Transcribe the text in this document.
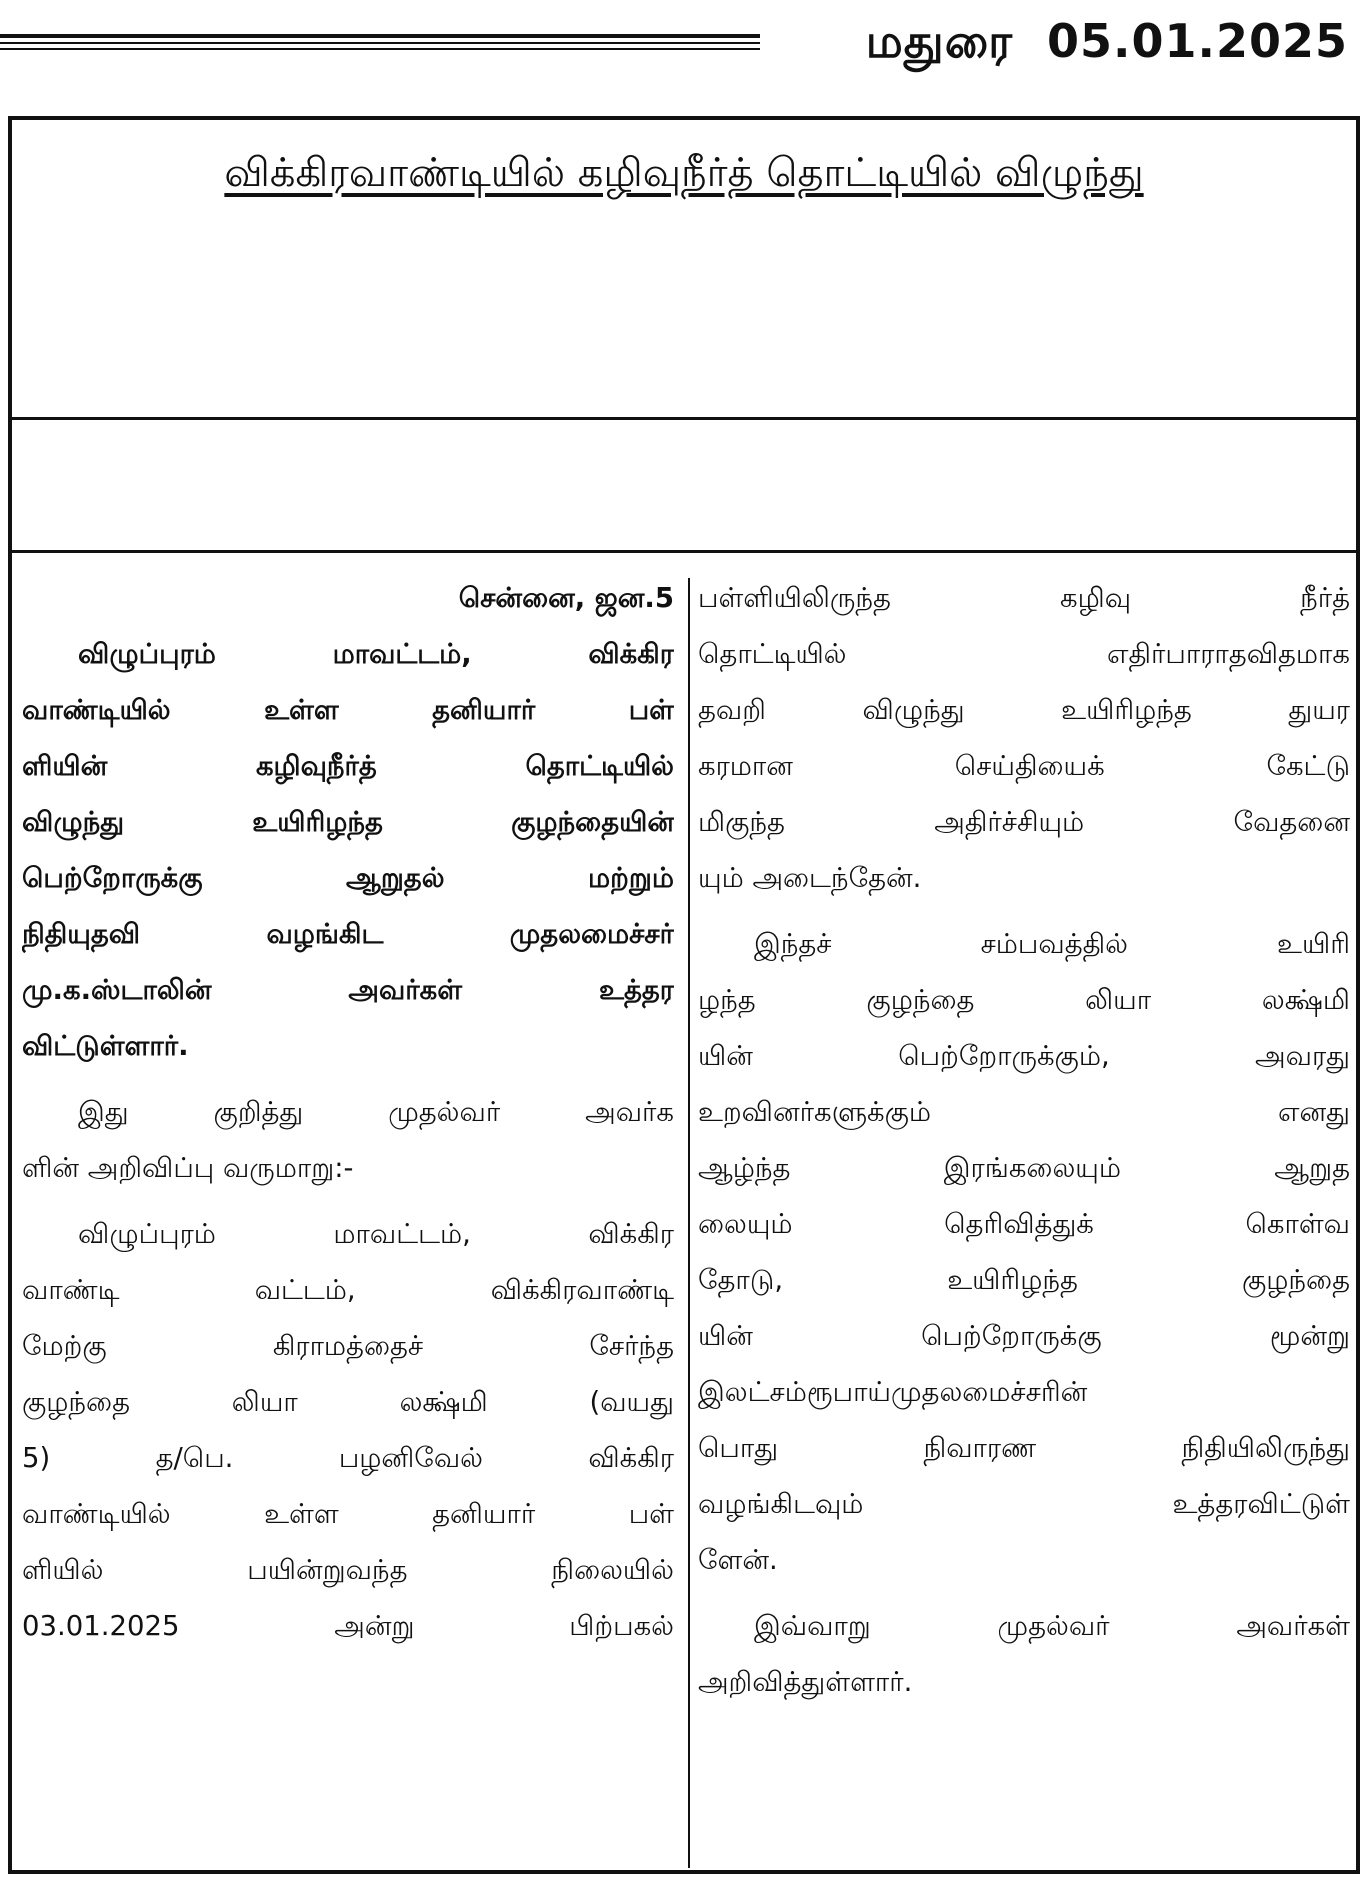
மதுரை 05.01.2025
விக்கிரவாண்டியில் கழிவுநீர்த் தொட்டியில் விழுந்து
சென்னை, ஜன.5
விழுப்புரம் மாவட்டம், விக்கிர
வாண்டியில் உள்ள தனியார் பள்
ளியின் கழிவுநீர்த் தொட்டியில்
விழுந்து உயிரிழந்த குழந்தையின்
பெற்றோருக்கு ஆறுதல் மற்றும்
நிதியுதவி வழங்கிட முதலமைச்சர்
மு.க.ஸ்டாலின் அவர்கள் உத்தர
விட்டுள்ளார்.
இது குறித்து முதல்வர் அவர்க
ளின் அறிவிப்பு வருமாறு:-
விழுப்புரம் மாவட்டம், விக்கிர
வாண்டி வட்டம், விக்கிரவாண்டி
மேற்கு கிராமத்தைச் சேர்ந்த
குழந்தை லியா லக்ஷ்மி (வயது
5) த/பெ. பழனிவேல் விக்கிர
வாண்டியில் உள்ள தனியார் பள்
ளியில் பயின்றுவந்த நிலையில்
03.01.2025 அன்று பிற்பகல்
பள்ளியிலிருந்த கழிவு நீர்த்
தொட்டியில் எதிர்பாராதவிதமாக
தவறி விழுந்து உயிரிழந்த துயர
கரமான செய்தியைக் கேட்டு
மிகுந்த அதிர்ச்சியும் வேதனை
யும் அடைந்தேன்.
இந்தச் சம்பவத்தில் உயிரி
ழந்த குழந்தை லியா லக்ஷ்மி
யின் பெற்றோருக்கும், அவரது
உறவினர்களுக்கும் எனது
ஆழ்ந்த இரங்கலையும் ஆறுத
லையும் தெரிவித்துக் கொள்வ
தோடு, உயிரிழந்த குழந்தை
யின் பெற்றோருக்கு மூன்று
இலட்சம்ரூபாய்முதலமைச்சரின்
பொது நிவாரண நிதியிலிருந்து
வழங்கிடவும் உத்தரவிட்டுள்
ளேன்.
இவ்வாறு முதல்வர் அவர்கள்
அறிவித்துள்ளார்.
